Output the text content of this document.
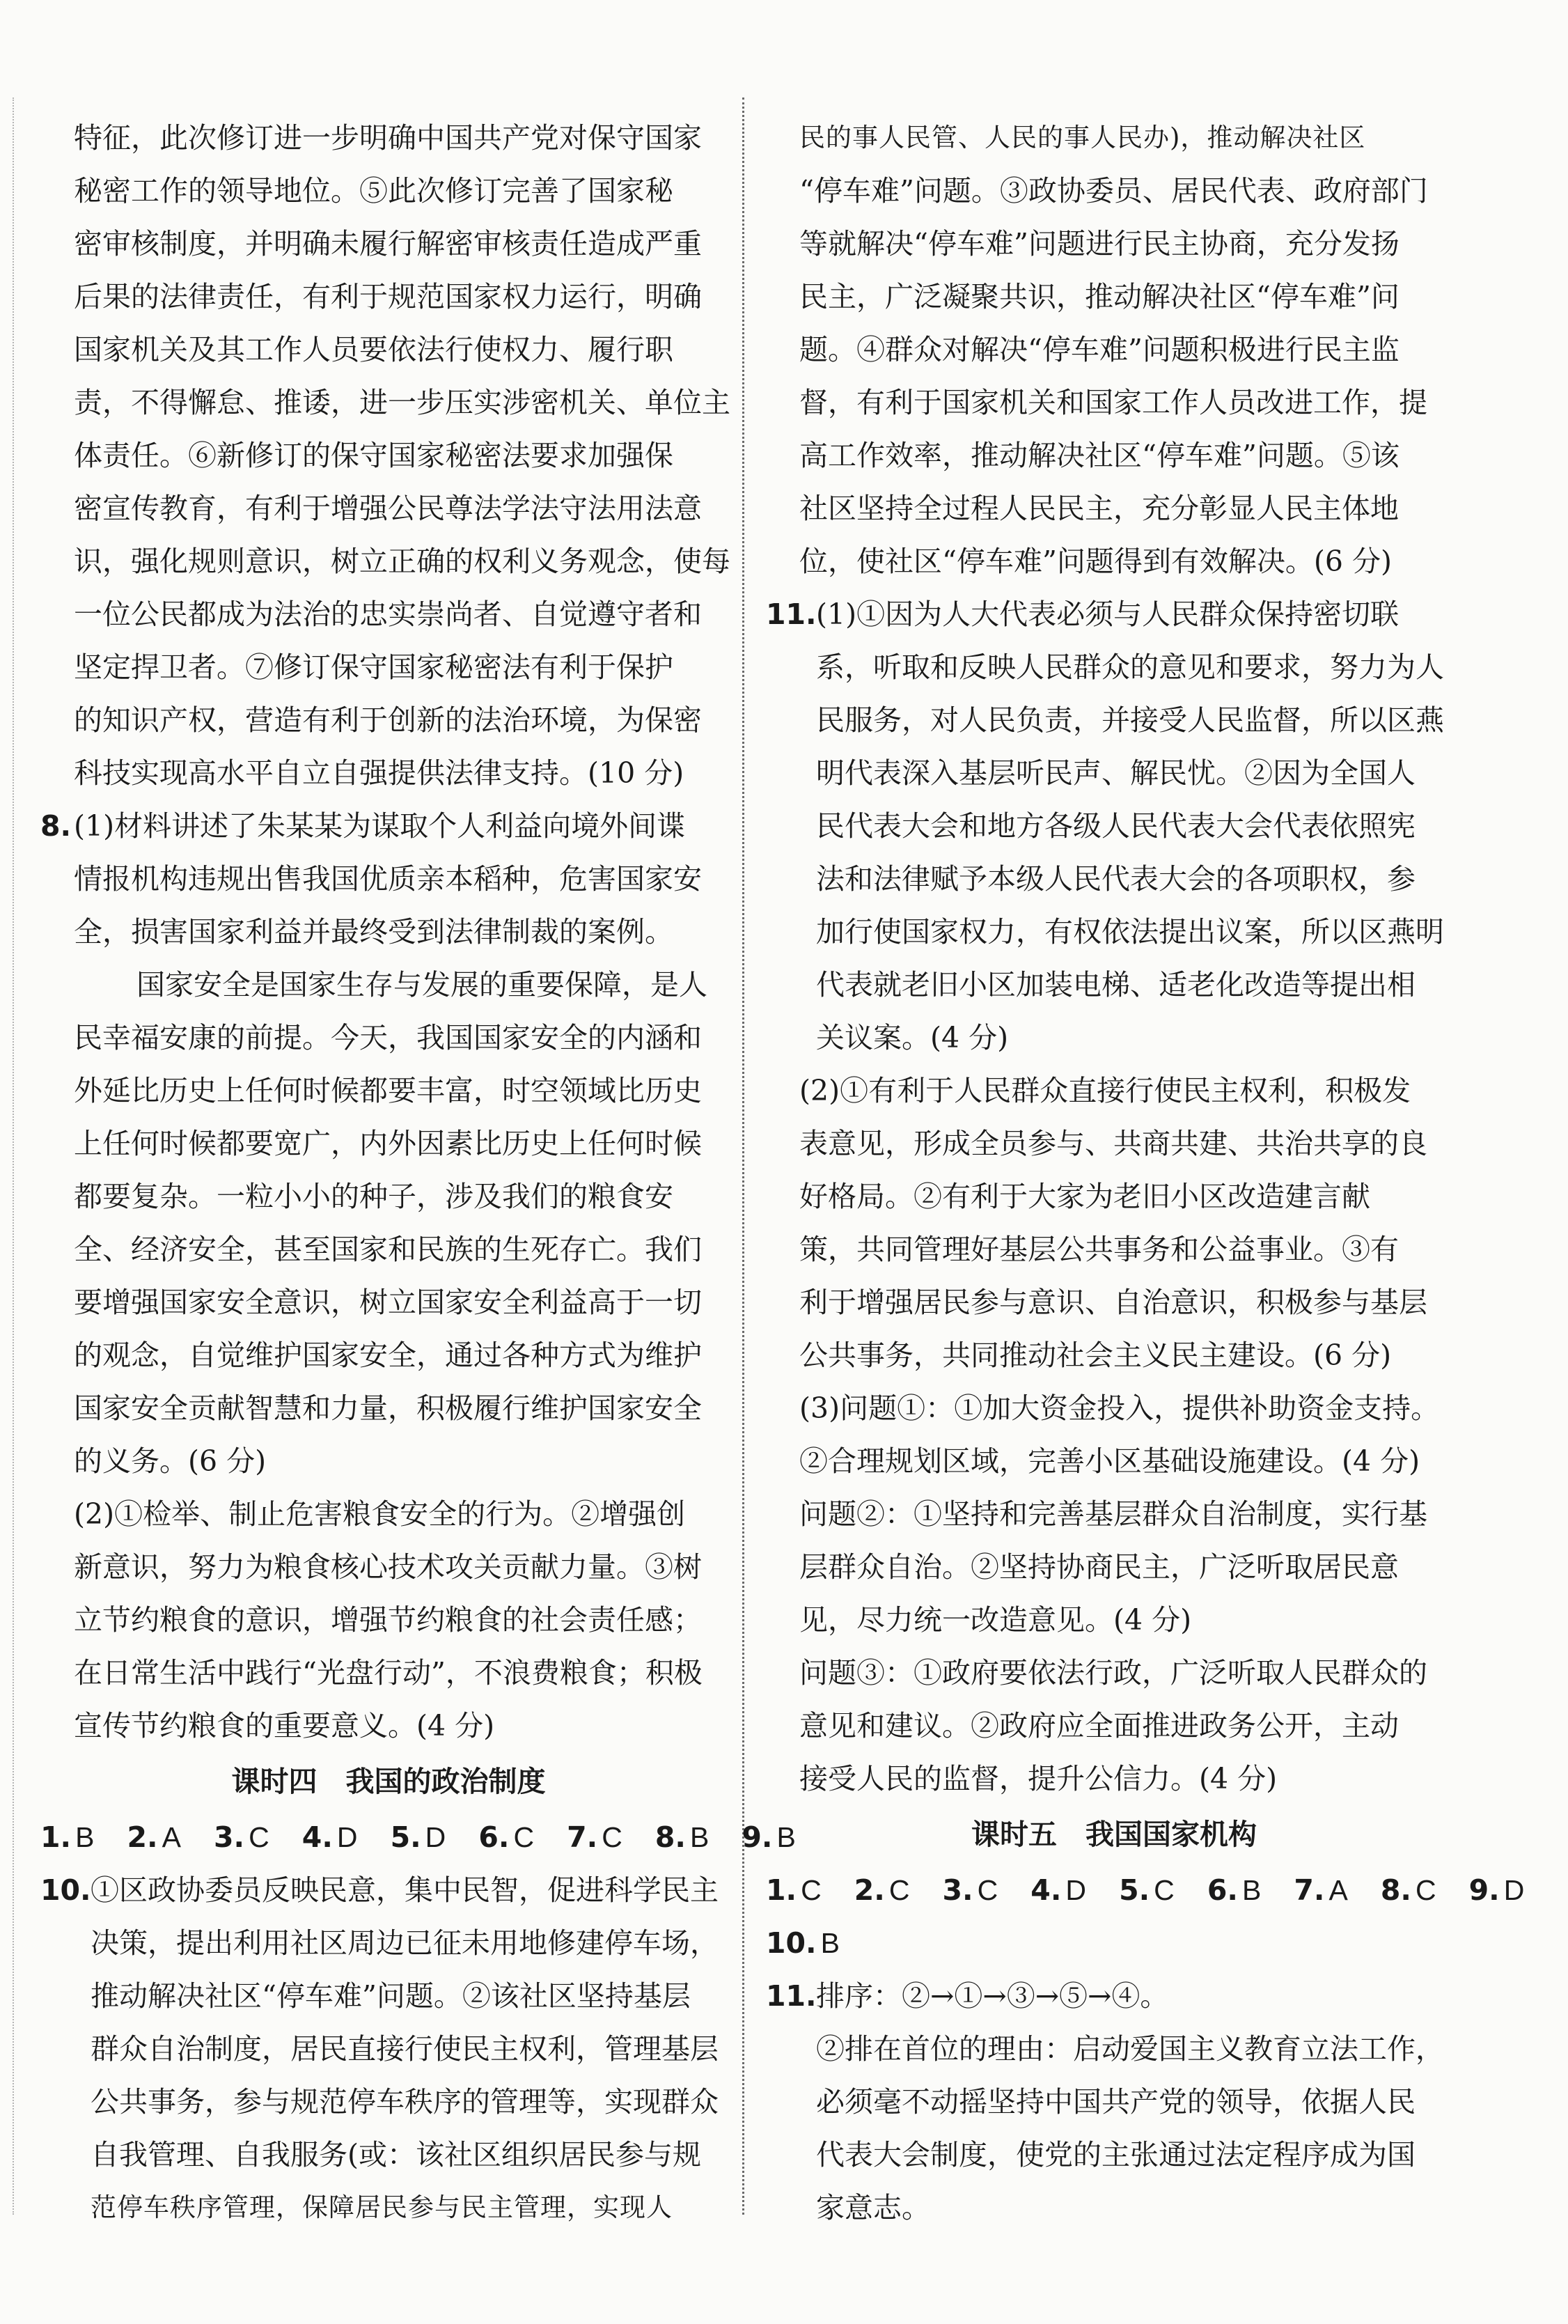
特征，此次修订进一步明确中国共产党对保守国家

秘密工作的领导地位。⑤此次修订完善了国家秘

密审核制度，并明确未履行解密审核责任造成严重

后果的法律责任，有利于规范国家权力运行，明确

国家机关及其工作人员要依法行使权力、履行职

责，不得懈怠、推诿，进一步压实涉密机关、单位主

体责任。⑥新修订的保守国家秘密法要求加强保

密宣传教育，有利于增强公民尊法学法守法用法意

识，强化规则意识，树立正确的权利义务观念，使每

一位公民都成为法治的忠实崇尚者、自觉遵守者和

坚定捍卫者。⑦修订保守国家秘密法有利于保护

的知识产权，营造有利于创新的法治环境，为保密

科技实现高水平自立自强提供法律支持。(10 分)

8. (1)材料讲述了朱某某为谋取个人利益向境外间谍

情报机构违规出售我国优质亲本稻种，危害国家安

全，损害国家利益并最终受到法律制裁的案例。

国家安全是国家生存与发展的重要保障，是人

民幸福安康的前提。今天，我国国家安全的内涵和

外延比历史上任何时候都要丰富，时空领域比历史

上任何时候都要宽广，内外因素比历史上任何时候

都要复杂。一粒小小的种子，涉及我们的粮食安

全、经济安全，甚至国家和民族的生死存亡。我们

要增强国家安全意识，树立国家安全利益高于一切

的观念，自觉维护国家安全，通过各种方式为维护

国家安全贡献智慧和力量，积极履行维护国家安全

的义务。(6 分)

(2)①检举、制止危害粮食安全的行为。②增强创

新意识，努力为粮食核心技术攻关贡献力量。③树

立节约粮食的意识，增强节约粮食的社会责任感；

在日常生活中践行“光盘行动”，不浪费粮食；积极

宣传节约粮食的重要意义。(4 分)

课时四　我国的政治制度

1. B 2. A 3. C 4. D 5. D 6. C 7. C 8. B 9. B

10. ①区政协委员反映民意，集中民智，促进科学民主

决策，提出利用社区周边已征未用地修建停车场，

推动解决社区“停车难”问题。②该社区坚持基层

群众自治制度，居民直接行使民主权利，管理基层

公共事务，参与规范停车秩序的管理等，实现群众

自我管理、自我服务(或：该社区组织居民参与规

范停车秩序管理，保障居民参与民主管理，实现人

民的事人民管、人民的事人民办)，推动解决社区

“停车难”问题。③政协委员、居民代表、政府部门

等就解决“停车难”问题进行民主协商，充分发扬

民主，广泛凝聚共识，推动解决社区“停车难”问

题。④群众对解决“停车难”问题积极进行民主监

督，有利于国家机关和国家工作人员改进工作，提

高工作效率，推动解决社区“停车难”问题。⑤该

社区坚持全过程人民民主，充分彰显人民主体地

位，使社区“停车难”问题得到有效解决。(6 分)

11. (1)①因为人大代表必须与人民群众保持密切联

系，听取和反映人民群众的意见和要求，努力为人

民服务，对人民负责，并接受人民监督，所以区燕

明代表深入基层听民声、解民忧。②因为全国人

民代表大会和地方各级人民代表大会代表依照宪

法和法律赋予本级人民代表大会的各项职权，参

加行使国家权力，有权依法提出议案，所以区燕明

代表就老旧小区加装电梯、适老化改造等提出相

关议案。(4 分)

(2)①有利于人民群众直接行使民主权利，积极发

表意见，形成全员参与、共商共建、共治共享的良

好格局。②有利于大家为老旧小区改造建言献

策，共同管理好基层公共事务和公益事业。③有

利于增强居民参与意识、自治意识，积极参与基层

公共事务，共同推动社会主义民主建设。(6 分)

(3)问题①：①加大资金投入，提供补助资金支持。

②合理规划区域，完善小区基础设施建设。(4 分)

问题②：①坚持和完善基层群众自治制度，实行基

层群众自治。②坚持协商民主，广泛听取居民意

见，尽力统一改造意见。(4 分)

问题③：①政府要依法行政，广泛听取人民群众的

意见和建议。②政府应全面推进政务公开，主动

接受人民的监督，提升公信力。(4 分)

课时五　我国国家机构

1. C 2. C 3. C 4. D 5. C 6. B 7. A 8. C 9. D

10. B

11. 排序：②→①→③→⑤→④。

②排在首位的理由：启动爱国主义教育立法工作，

必须毫不动摇坚持中国共产党的领导，依据人民

代表大会制度，使党的主张通过法定程序成为国

家意志。
